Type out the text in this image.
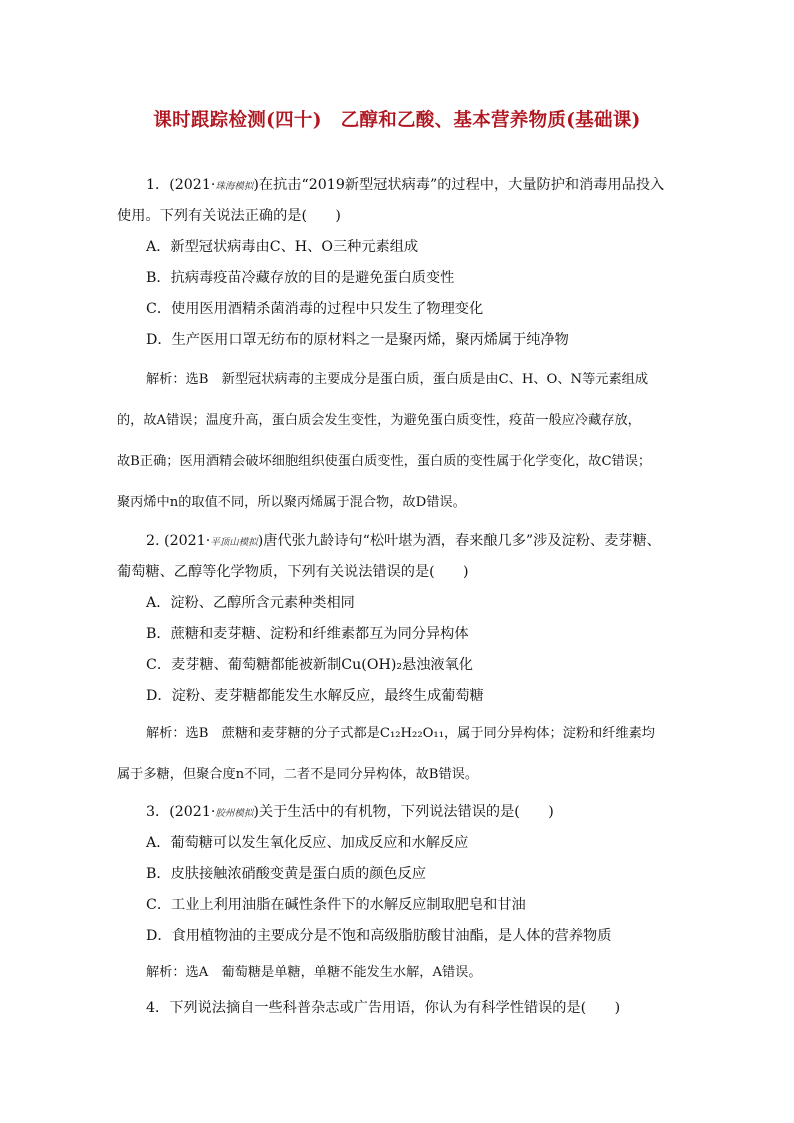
课时跟踪检测(四十)　乙醇和乙酸、基本营养物质(基础课)
1．(2021·珠海模拟)在抗击“2019新型冠状病毒”的过程中，大量防护和消毒用品投入
使用。下列有关说法正确的是(　　)
A．新型冠状病毒由C、H、O三种元素组成
B．抗病毒疫苗冷藏存放的目的是避免蛋白质变性
C．使用医用酒精杀菌消毒的过程中只发生了物理变化
D．生产医用口罩无纺布的原材料之一是聚丙烯，聚丙烯属于纯净物
解析：选B　新型冠状病毒的主要成分是蛋白质，蛋白质是由C、H、O、N等元素组成
的，故A错误；温度升高，蛋白质会发生变性，为避免蛋白质变性，疫苗一般应冷藏存放，
故B正确；医用酒精会破坏细胞组织使蛋白质变性，蛋白质的变性属于化学变化，故C错误；
聚丙烯中n的取值不同，所以聚丙烯属于混合物，故D错误。
2. (2021·平顶山模拟)唐代张九龄诗句“松叶堪为酒，春来酿几多”涉及淀粉、麦芽糖、
葡萄糖、乙醇等化学物质，下列有关说法错误的是(　　)
A．淀粉、乙醇所含元素种类相同
B．蔗糖和麦芽糖、淀粉和纤维素都互为同分异构体
C．麦芽糖、葡萄糖都能被新制Cu(OH)₂悬浊液氧化
D．淀粉、麦芽糖都能发生水解反应，最终生成葡萄糖
解析：选B　蔗糖和麦芽糖的分子式都是C₁₂H₂₂O₁₁，属于同分异构体；淀粉和纤维素均
属于多糖，但聚合度n不同，二者不是同分异构体，故B错误。
3．(2021·胶州模拟)关于生活中的有机物，下列说法错误的是(　　)
A．葡萄糖可以发生氧化反应、加成反应和水解反应
B．皮肤接触浓硝酸变黄是蛋白质的颜色反应
C．工业上利用油脂在碱性条件下的水解反应制取肥皂和甘油
D．食用植物油的主要成分是不饱和高级脂肪酸甘油酯，是人体的营养物质
解析：选A　葡萄糖是单糖，单糖不能发生水解，A错误。
4．下列说法摘自一些科普杂志或广告用语，你认为有科学性错误的是(　　)
